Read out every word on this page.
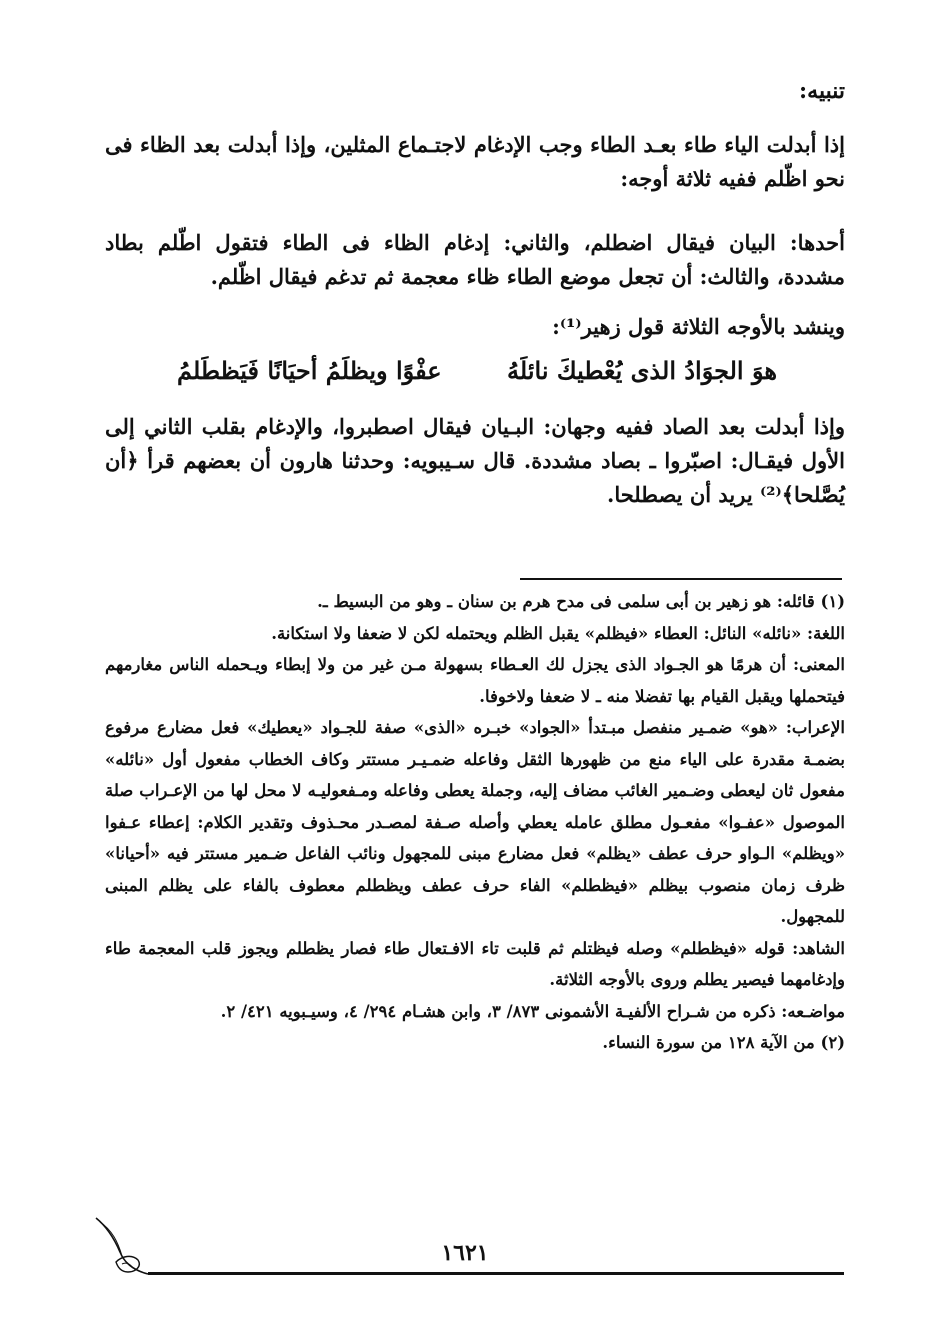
تنبيه:

إذا أبدلت الياء طاء بعـد الطاء وجب الإدغام لاجتـماع المثلين، وإذا أبدلت بعد الظاء فى نحو اظّلم ففيه ثلاثة أوجه:

أحدها: البيان فيقال اضطلم، والثاني: إدغام الظاء فى الطاء فتقول اطّلم بطاد مشددة، والثالث: أن تجعل موضع الطاء ظاء معجمة ثم تدغم فيقال اظّلم.

وينشد بالأوجه الثلاثة قول زهير⁽¹⁾:

هوَ الجوَادُ الذى يُعْطيكَ نائلَهُ
عفْوًا ويظلَمُ أحيَانًا فَيَظطَلمُ

وإذا أبدلت بعد الصاد ففيه وجهان: البـيان فيقال اصطبروا، والإدغام بقلب الثاني إلى الأول فيقـال: اصبّروا ـ بصاد مشددة. قال سـيبويه: وحدثنا هارون أن بعضهم قرأ ﴿أن يُصَّلحا﴾⁽²⁾ يريد أن يصطلحا.

(١) قائله: هو زهير بن أبى سلمى فى مدح هرم بن سنان ـ وهو من البسيط ـ.

اللغة: «نائله» النائل: العطاء «فيظلم» يقبل الظلم ويحتمله لكن لا ضعفا ولا استكانة.

المعنى: أن هرمًا هو الجـواد الذى يجزل لك العـطاء بسهولة مـن غير من ولا إبطاء ويـحمله الناس مغارمهم فيتحملها ويقبل القيام بها تفضلا منه ـ لا ضعفا ولاخوفا.

الإعراب: «هو» ضمـير منفصل مبـتدأ «الجواد» خبـره «الذى» صفة للجـواد «يعطيك» فعل مضارع مرفوع بضمـة مقدرة على الياء منع من ظهورها الثقل وفاعله ضمـيـر مستتر وكاف الخطاب مفعول أول «نائله» مفعول ثان ليعطى وضـمير الغائب مضاف إليه، وجملة يعطى وفاعله ومـفعوليـه لا محل لها من الإعـراب صلة الموصول «عفـوا» مفعـول مطلق عامله يعطي وأصله صـفة لمصـدر محـذوف وتقدير الكلام: إعطاء عـفوا «ويظلم» الـواو حرف عطف «يظلم» فعل مضارع مبنى للمجهول ونائب الفاعل ضـمير مستتر فيه «أحيانا» ظرف زمان منصوب بيظلم «فيظطلم» الفاء حرف عطف ويظطلم معطوف بالفاء على يظلم المبنى للمجهول.

الشاهد: قوله «فيظطلم» وصله فيظتلم ثم قلبت تاء الافـتعال طاء فصار يظطلم ويجوز قلب المعجمة طاء وإدغامهما فيصير يطلم وروى بالأوجه الثلاثة.

مواضـعه: ذكره من شـراح الألفيـة الأشمونى ٨٧٣/ ٣، وابن هشـام ٢٩٤/ ٤، وسيـبويه ٤٢١/ ٢.

(٢) من الآية ١٢٨ من سورة النساء.

١٦٢١
